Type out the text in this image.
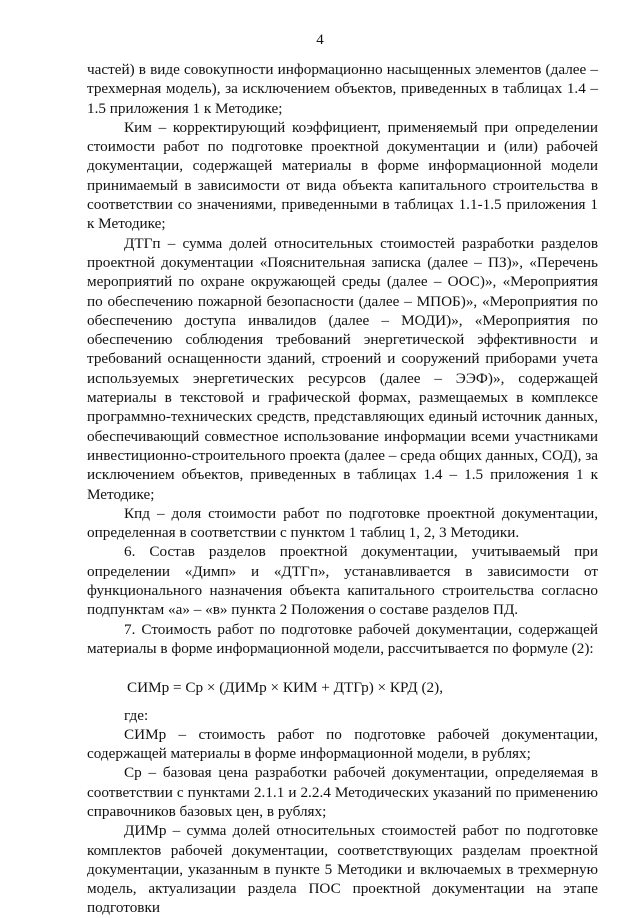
4

частей) в виде совокупности информационно насыщенных элементов (далее – трехмерная модель), за исключением объектов, приведенных в таблицах 1.4 – 1.5 приложения 1 к Методике;

Ким – корректирующий коэффициент, применяемый при определении стоимости работ по подготовке проектной документации и (или) рабочей документации, содержащей материалы в форме информационной модели принимаемый в зависимости от вида объекта капитального строительства в соответствии со значениями, приведенными в таблицах 1.1-1.5 приложения 1 к Методике;

ДТГп – сумма долей относительных стоимостей разработки разделов проектной документации «Пояснительная записка (далее – ПЗ)», «Перечень мероприятий по охране окружающей среды (далее – ООС)», «Мероприятия по обеспечению пожарной безопасности (далее – МПОБ)», «Мероприятия по обеспечению доступа инвалидов (далее – МОДИ)», «Мероприятия по обеспечению соблюдения требований энергетической эффективности и требований оснащенности зданий, строений и сооружений приборами учета используемых энергетических ресурсов (далее – ЭЭФ)», содержащей материалы в текстовой и графической формах, размещаемых в комплексе программно-технических средств, представляющих единый источник данных, обеспечивающий совместное использование информации всеми участниками инвестиционно-строительного проекта (далее – среда общих данных, СОД), за исключением объектов, приведенных в таблицах 1.4 – 1.5 приложения 1 к Методике;

Кпд – доля стоимости работ по подготовке проектной документации, определенная в соответствии с пунктом 1 таблиц 1, 2, 3 Методики.

6. Состав разделов проектной документации, учитываемый при определении «Димп» и «ДТГп», устанавливается в зависимости от функционального назначения объекта капитального строительства согласно подпунктам «а» – «в» пункта 2 Положения о составе разделов ПД.

7. Стоимость работ по подготовке рабочей документации, содержащей материалы в форме информационной модели, рассчитывается по формуле (2):

СИМр = Ср × (ДИМр × КИМ + ДТГр) × КРД (2),

где:

СИМр – стоимость работ по подготовке рабочей документации, содержащей материалы в форме информационной модели, в рублях;

Ср – базовая цена разработки рабочей документации, определяемая в соответствии с пунктами 2.1.1 и 2.2.4 Методических указаний по применению справочников базовых цен, в рублях;

ДИМр – сумма долей относительных стоимостей работ по подготовке комплектов рабочей документации, соответствующих разделам проектной документации, указанным в пункте 5 Методики и включаемых в трехмерную модель, актуализации раздела ПОС проектной документации на этапе подготовки
